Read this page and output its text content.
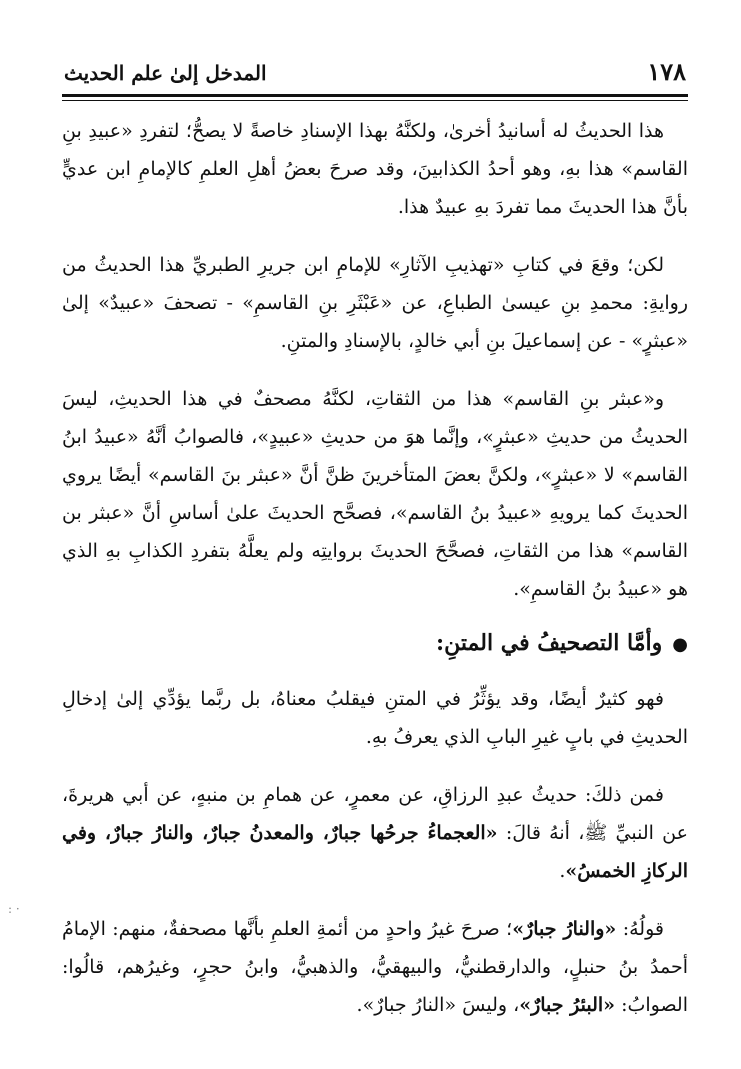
١٧٨
المدخل إلىٰ علم الحديث

هذا الحديثُ له أسانيدُ أخرىٰ، ولكنَّهُ بهذا الإسنادِ خاصةً لا يصحُّ؛ لتفردِ «عبيدِ بنِ القاسم» هذا بهِ، وهو أحدُ الكذابينَ، وقد صرحَ بعضُ أهلِ العلمِ كالإمامِ ابن عديٍّ بأنَّ هذا الحديثَ مما تفردَ بهِ عبيدٌ هذا.

لكن؛ وقعَ في كتابِ «تهذيبِ الآثارِ» للإمامِ ابن جريرِ الطبريِّ هذا الحديثُ من روايةِ: محمدِ بنِ عيسىٰ الطباعِ، عن «عَبْثَرِ بنِ القاسمِ» - تصحفَ «عبيدٌ» إلىٰ «عبثرٍ» - عن إسماعيلَ بنِ أبي خالدٍ، بالإسنادِ والمتنِ.

و«عبثر بنِ القاسم» هذا من الثقاتِ، لكنَّهُ مصحفٌ في هذا الحديثِ، ليسَ الحديثُ من حديثِ «عبثرٍ»، وإنَّما هوَ من حديثِ «عبيدٍ»، فالصوابُ أنَّهُ «عبيدُ ابنُ القاسم» لا «عبثرٍ»، ولكنَّ بعضَ المتأخرينَ ظنَّ أنَّ «عبثر بنَ القاسم» أيضًا يروي الحديثَ كما يرويهِ «عبيدُ بنُ القاسم»، فصحَّح الحديثَ علىٰ أساسِ أنَّ «عبثر بن القاسم» هذا من الثقاتِ، فصحَّحَ الحديثَ بروايتِه ولم يعلَّهُ بتفردِ الكذابِ بهِ الذي هو «عبيدُ بنُ القاسمِ».

●وأمَّا التصحيفُ في المتنِ:

فهو كثيرٌ أيضًا، وقد يؤثِّرُ في المتنِ فيقلبُ معناهُ، بل ربَّما يؤدِّي إلىٰ إدخالِ الحديثِ في بابٍ غيرِ البابِ الذي يعرفُ بهِ.

فمن ذلكَ: حديثُ عبدِ الرزاقِ، عن معمرٍ، عن همامِ بن منبهٍ، عن أبي هريرةَ، عن النبيِّ ﷺ، أنهُ قالَ: «العجماءُ جرحُها جبارٌ، والمعدنُ جبارٌ، والنارُ جبارٌ، وفي الركازِ الخمسُ».

قولُهُ: «والنارُ جبارٌ»؛ صرحَ غيرُ واحدٍ من أئمةِ العلمِ بأنَّها مصحفةٌ، منهم: الإمامُ أحمدُ بنُ حنبلٍ، والدارقطنيُّ، والبيهقيُّ، والذهبيُّ، وابنُ حجرٍ، وغيرُهم، قالُوا: الصوابُ: «البئرُ جبارٌ»، وليسَ «النارُ جبارٌ».

: ·
